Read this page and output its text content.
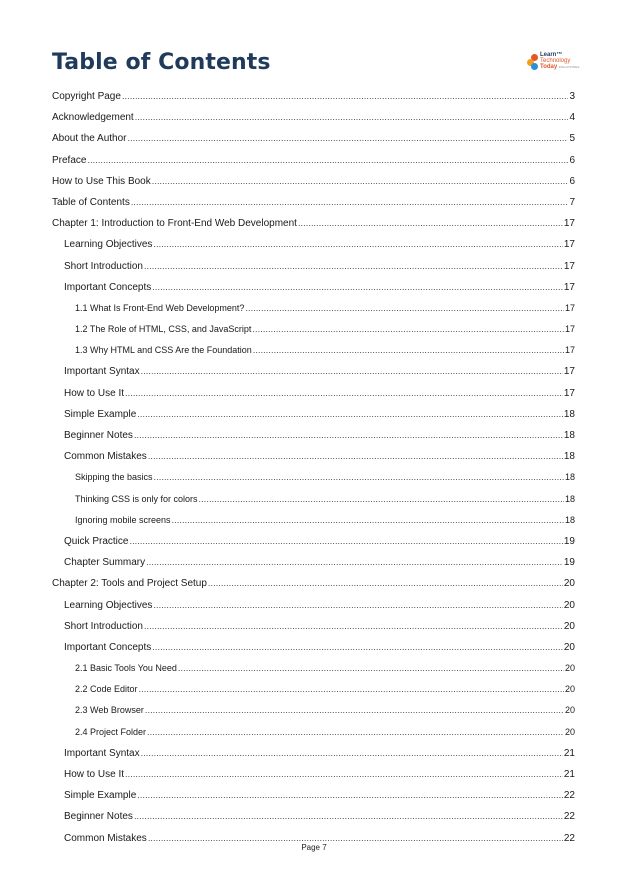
Table of Contents	Learn™
Technology
Today PHILIPPINES
Copyright Page . . .	3
Acknowledgement . . .	4
About the Author . . .	5
Preface . . .	6
How to Use This Book . . .	6
Table of Contents . . .	7
Chapter 1: Introduction to Front-End Web Development . . .	17
Learning Objectives . . .	17
Short Introduction . . .	17
Important Concepts . . .	17
1.1 What Is Front-End Web Development? . . .	17
1.2 The Role of HTML, CSS, and JavaScript . . .	17
1.3 Why HTML and CSS Are the Foundation . . .	17
Important Syntax . . .	17
How to Use It . . .	17
Simple Example . . .	18
Beginner Notes . . .	18
Common Mistakes . . .	18
Skipping the basics . . .	18
Thinking CSS is only for colors . . .	18
Ignoring mobile screens . . .	18
Quick Practice . . .	19
Chapter Summary . . .	19
Chapter 2: Tools and Project Setup . . .	20
Learning Objectives . . .	20
Short Introduction . . .	20
Important Concepts . . .	20
2.1 Basic Tools You Need . . .	20
2.2 Code Editor . . .	20
2.3 Web Browser . . .	20
2.4 Project Folder . . .	20
Important Syntax . . .	21
How to Use It . . .	21
Simple Example . . .	22
Beginner Notes . . .	22
Common Mistakes . . .	22
Page 7
